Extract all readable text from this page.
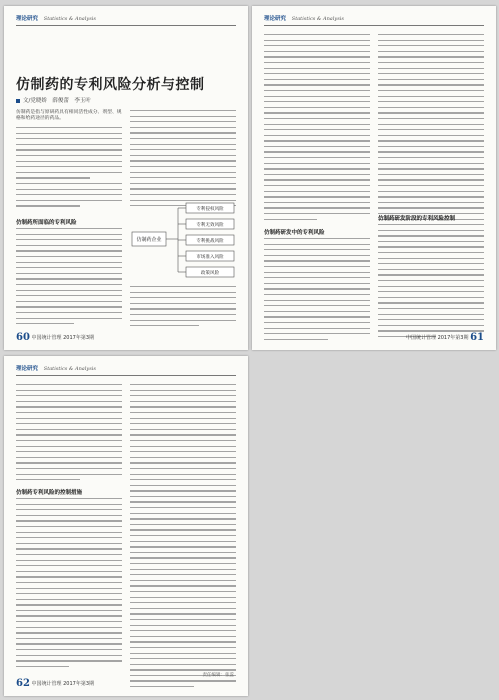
理论研究 Statistics & Analysis
仿制药的专利风险分析与控制
文/党晓娇　薛俊蕾　李玉叶
仿制药是指与原研药具有相同活性成分、剂型、规格和给药途径的药品。
仿制药所面临的专利风险
仿制药企业
专利侵权风险
专利无效风险
专利挑战风险
市场准入风险
政策风险
60 中国统计管理 2017年第3期
理论研究 Statistics & Analysis
仿制药研发中的专利风险
仿制药研发阶段的专利风险控制
中国统计管理 2017年第3期 61
理论研究 Statistics & Analysis
仿制药专利风险的控制措施
责任编辑：张蕊
62 中国统计管理 2017年第3期
